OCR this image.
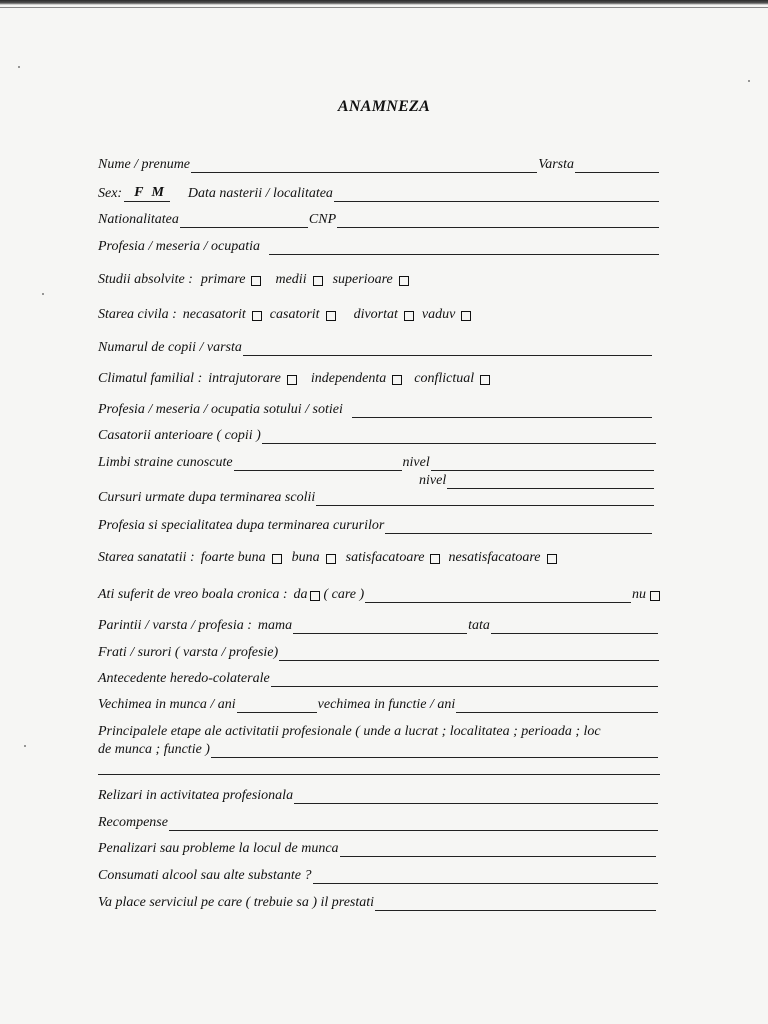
ANAMNEZA
Nume / prenume	Varsta
Sex: F M	Data nasterii / localitatea
Nationalitatea	CNP
Profesia / meseria / ocupatia
Studii absolvite : primare medii superioare
Starea civila : necasatorit casatorit divortat vaduv
Numarul de copii / varsta
Climatul familial : intrajutorare independenta conflictual
Profesia / meseria / ocupatia sotului / sotiei
Casatorii anterioare ( copii )
Limbi straine cunoscute	nivel
nivel
Cursuri urmate dupa terminarea scolii
Profesia si specialitatea dupa terminarea cururilor
Starea sanatatii : foarte buna buna satisfacatoare nesatisfacatoare
Ati suferit de vreo boala cronica : da ( care )	nu
Parintii / varsta / profesia : mama	tata
Frati / surori ( varsta / profesie)
Antecedente heredo-colaterale
Vechimea in munca / ani	vechimea in functie / ani
Principalele etape ale activitatii profesionale ( unde a lucrat ; localitatea ; perioada ; loc
de munca ; functie )
Relizari in activitatea profesionala
Recompense
Penalizari sau probleme la locul de munca
Consumati alcool sau alte substante ?
Va place serviciul pe care ( trebuie sa ) il prestati
